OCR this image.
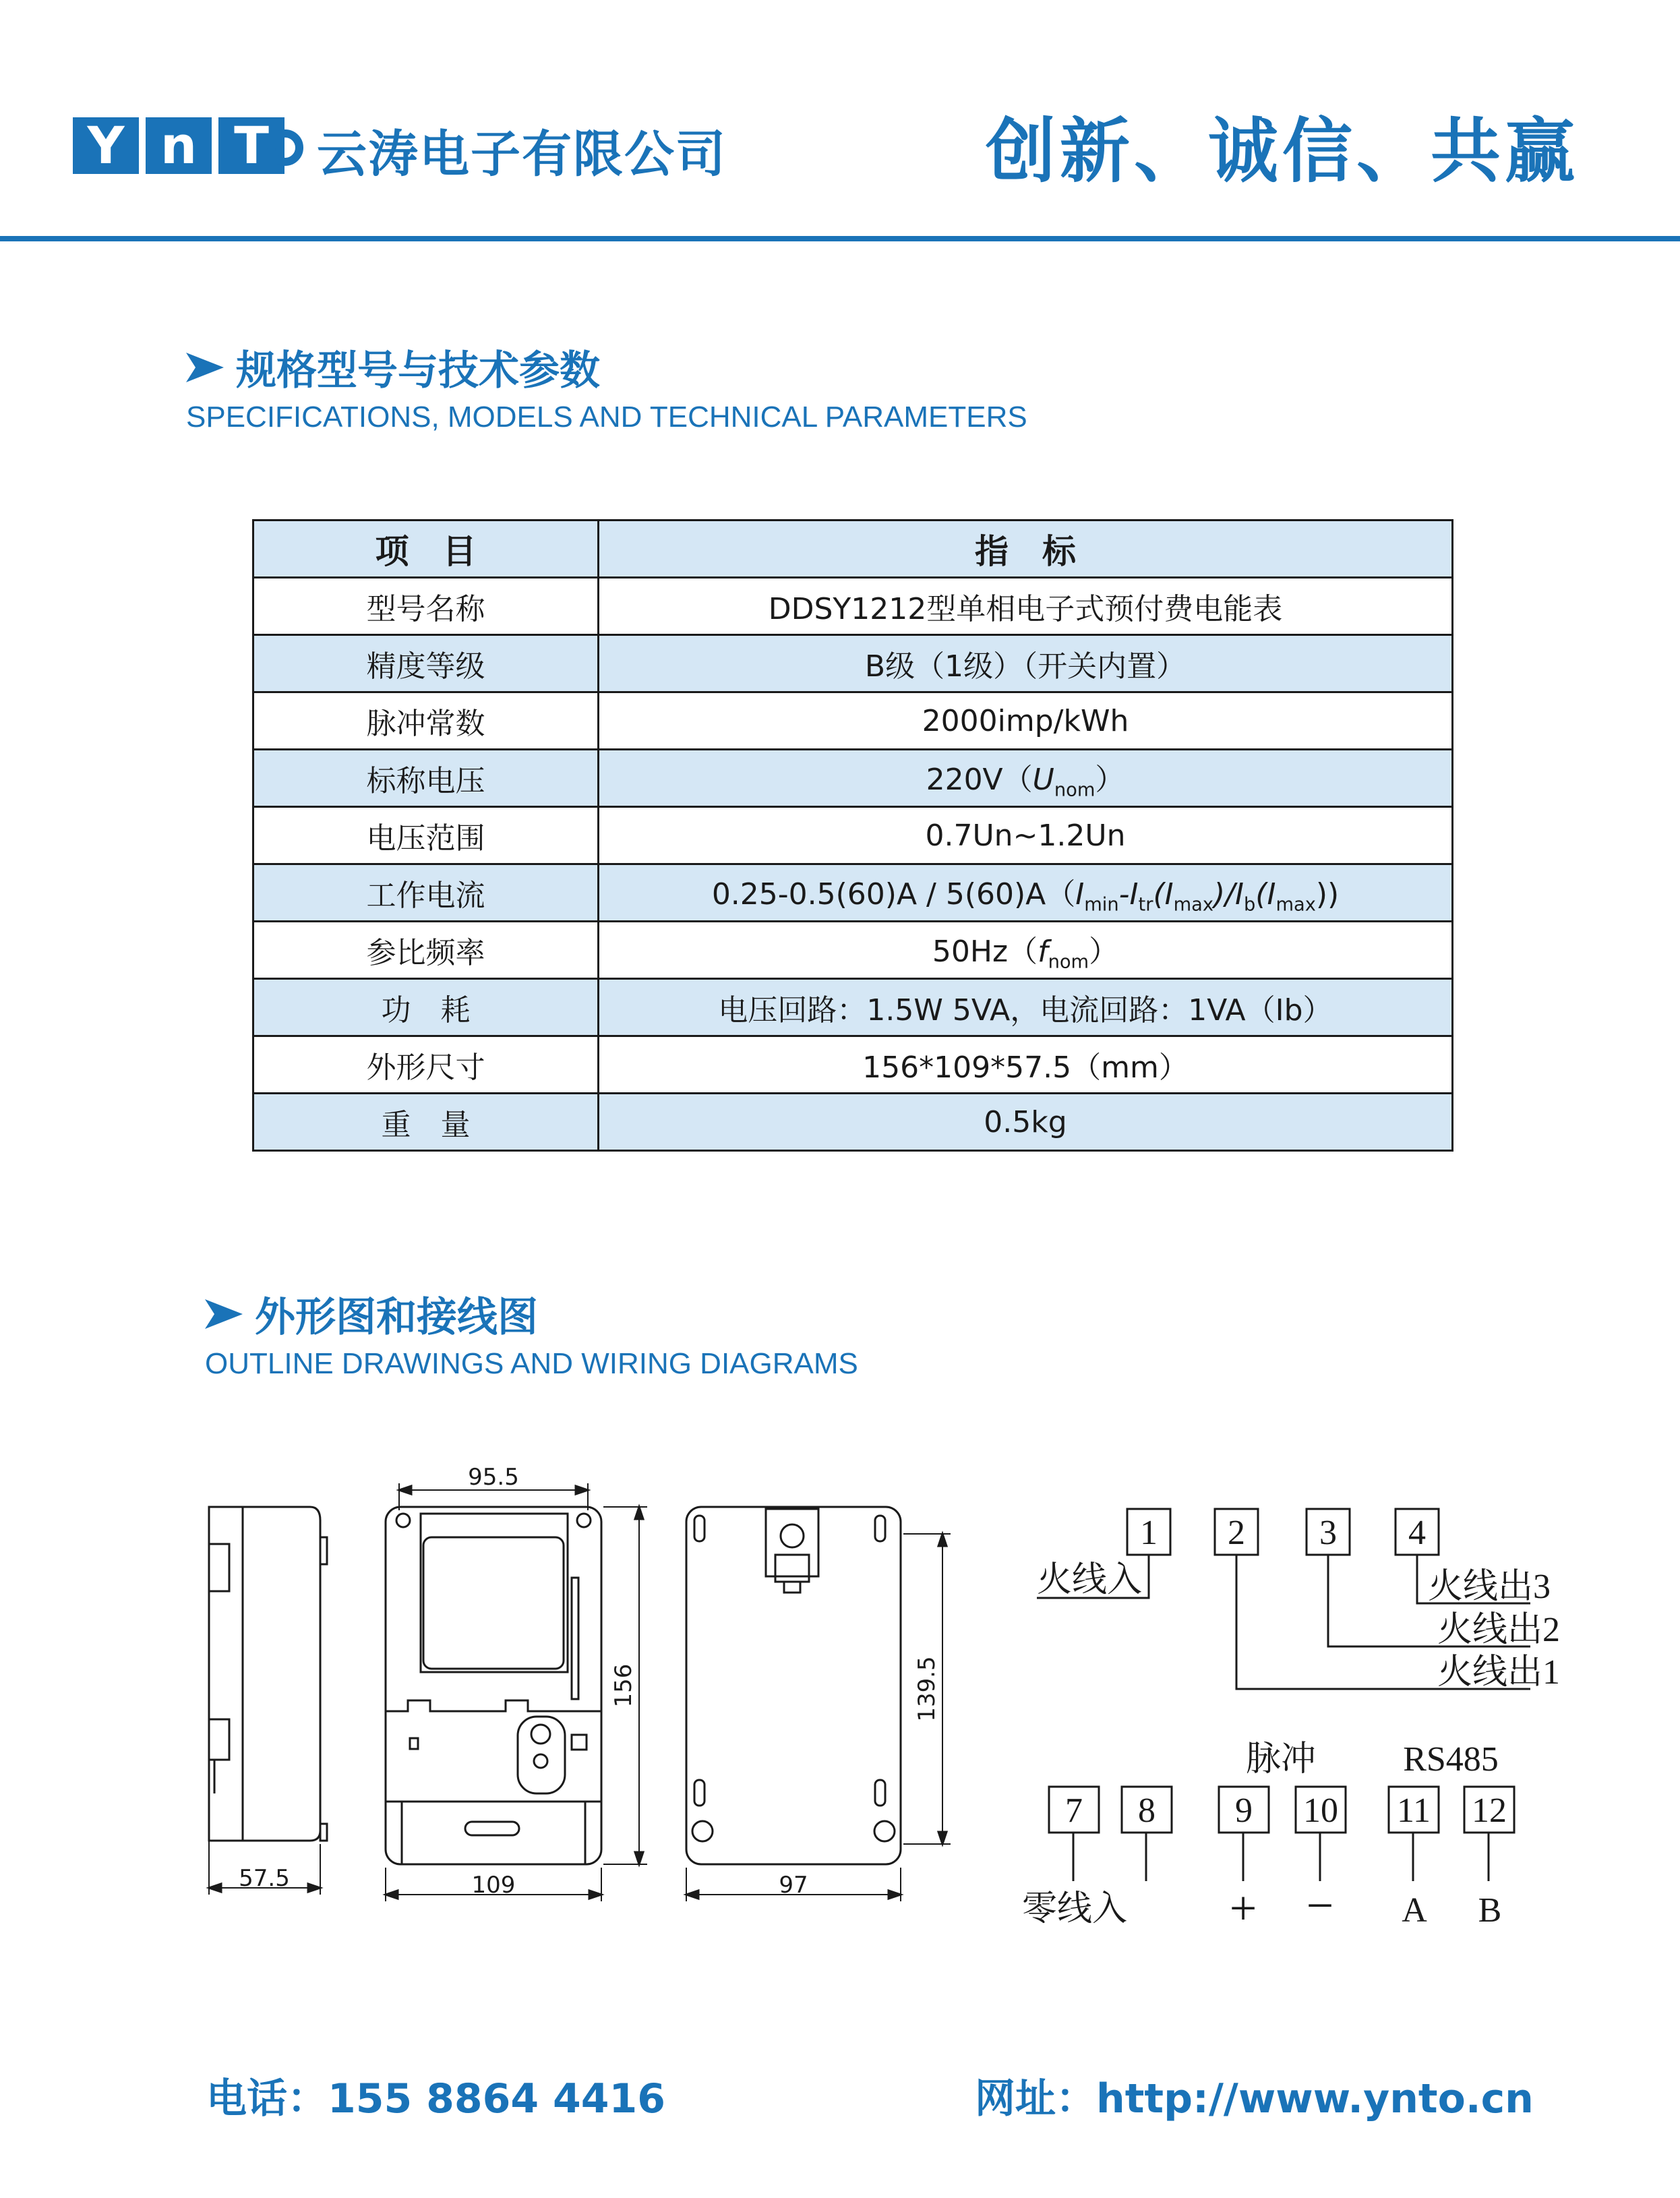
Y n T 云涛电子有限公司	创新、诚信、共赢
规格型号与技术参数
SPECIFICATIONS, MODELS AND TECHNICAL PARAMETERS
项　目	指　标
型号名称	DDSY1212型单相电子式预付费电能表
精度等级	B级（1级）（开关内置）
脉冲常数	2000imp/kWh
标称电压	$220V(U_{nom})$
电压范围	0.7Un~1.2Un
工作电流	$0.25-0.5(60)A / 5(60)A(I_{min}-I_{tr}(I_{max})/I_b(I_{max}))$
参比频率	$50Hz(f_{nom})$
功　耗	电压回路：1.5W 5VA，电流回路：1VA（Ib）
外形尺寸	156*109*57.5（mm）
重　量	0.5kg
外形图和接线图
OUTLINE DRAWINGS AND WIRING DIAGRAMS
57.5
95.5
156
109
139.5
97
1 2 3 4
7 8 9 10 11 12
火线入	火线出3
火线出2
火线出1
脉冲 RS485
零线入 + − A B
电话：155 8864 4416	网址：http://www.ynto.cn
